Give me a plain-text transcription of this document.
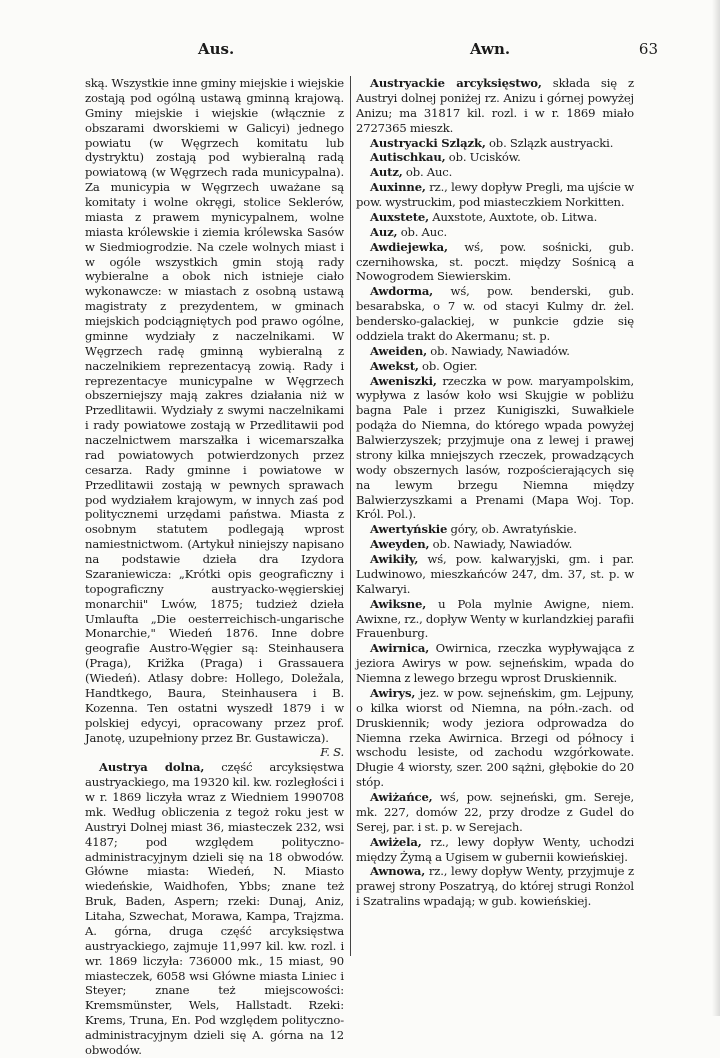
Aus.	Awn.	63

ską. Wszystkie inne gminy miejskie i wiejskie zostają pod ogólną ustawą gminną krajową. Gminy miejskie i wiejskie (włącznie z obszarami dworskiemi w Galicyi) jednego powiatu (w Węgrzech komitatu lub dystryktu) zostają pod wybieralną radą powiatową (w Węgrzech rada municypalna). Za municypia w Węgrzech uważane są komitaty i wolne okręgi, stolice Seklerów, miasta z prawem mynicypalnem, wolne miasta królewskie i ziemia królewska Sasów w Siedmiogrodzie. Na czele wolnych miast i w ogóle wszystkich gmin stoją rady wybieralne a obok nich istnieje ciało wykonawcze: w miastach z osobną ustawą magistraty z prezydentem, w gminach miejskich podciągniętych pod prawo ogólne, gminne wydziały z naczelnikami. W Węgrzech radę gminną wybieralną z naczelnikiem reprezentacyą zowią. Rady i reprezentacye municypalne w Węgrzech obszerniejszy mają zakres działania niż w Przedlitawii. Wydziały z swymi naczelnikami i rady powiatowe zostają w Przedlitawii pod naczelnictwem marszałka i wicemarszałka rad powiatowych potwierdzonych przez cesarza. Rady gminne i powiatowe w Przedlitawii zostają w pewnych sprawach pod wydziałem krajowym, w innych zaś pod politycznemi urzędami państwa. Miasta z osobnym statutem podlegają wprost namiestnictwom. (Artykuł niniejszy napisano na podstawie dzieła dra Izydora Szaraniewicza: „Krótki opis geograficzny i topograficzny austryacko-węgierskiej monarchii" Lwów, 1875; tudzież dzieła Umlaufta „Die oesterreichisch-ungarische Monarchie," Wiedeń 1876. Inne dobre geografie Austro-Węgier są: Steinhausera (Praga), Križka (Praga) i Grassauera (Wiedeń). Atlasy dobre: Hollego, Doležala, Handtkego, Baura, Steinhausera i B. Kozenna. Ten ostatni wyszedł 1879 i w polskiej edycyi, opracowany przez prof. Janotę, uzupełniony przez Br. Gustawicza).

F. S.

Austrya dolna, część arcyksięstwa austryackiego, ma 19320 kil. kw. rozległości i w r. 1869 liczyła wraz z Wiedniem 1990708 mk. Według obliczenia z tegoż roku jest w Austryi Dolnej miast 36, miasteczek 232, wsi 4187; pod względem polityczno-administracyjnym dzieli się na 18 obwodów. Główne miasta: Wiedeń, N. Miasto wiedeńskie, Waidhofen, Ybbs; znane też Bruk, Baden, Aspern; rzeki: Dunaj, Aniz, Litaha, Szwechat, Morawa, Kampa, Trajzma. A. górna, druga część arcyksięstwa austryackiego, zajmuje 11,997 kil. kw. rozl. i wr. 1869 liczyła: 736000 mk., 15 miast, 90 miasteczek, 6058 wsi Główne miasta Liniec i Steyer; znane też miejscowości: Kremsmünster, Wels, Hallstadt. Rzeki: Krems, Truna, En. Pod względem polityczno-administracyjnym dzieli się A. górna na 12 obwodów.

Austryackie arcyksięstwo, składa się z Austryi dolnej poniżej rz. Anizu i górnej powyżej Anizu; ma 31817 kil. rozl. i w r. 1869 miało 2727365 mieszk.

Austryacki Szlązk, ob. Szlązk austryacki.

Autischkau, ob. Ucisków.

Autz, ob. Auc.

Auxinne, rz., lewy dopływ Pregli, ma ujście w pow. wystruckim, pod miasteczkiem Norkitten.

Auxstete, Auxstote, Auxtote, ob. Litwa.

Auz, ob. Auc.

Awdiejewka, wś, pow. sośnicki, gub. czernihowska, st. poczt. między Sośnicą a Nowogrodem Siewierskim.

Awdorma, wś, pow. benderski, gub. besarabska, o 7 w. od stacyi Kulmy dr. żel. bendersko-galackiej, w punkcie gdzie się oddziela trakt do Akermanu; st. p.

Aweiden, ob. Nawiady, Nawiadów.

Awekst, ob. Ogier.

Aweniszki, rzeczka w pow. maryampolskim, wypływa z lasów koło wsi Skujgie w pobliżu bagna Pale i przez Kunigiszki, Suwałkiele podąża do Niemna, do którego wpada powyżej Balwierzyszek; przyjmuje ona z lewej i prawej strony kilka mniejszych rzeczek, prowadzących wody obszernych lasów, rozpościerających się na lewym brzegu Niemna między Balwierzyszkami a Prenami (Mapa Woj. Top. Król. Pol.).

Awertyńskie góry, ob. Awratyńskie.

Aweyden, ob. Nawiady, Nawiadów.

Awikiły, wś, pow. kalwaryjski, gm. i par. Ludwinowo, mieszkańców 247, dm. 37, st. p. w Kalwaryi.

Awiksne, u Pola mylnie Awigne, niem. Awixne, rz., dopływ Wenty w kurlandzkiej parafii Frauenburg.

Awirnica, Owirnica, rzeczka wypływająca z jeziora Awirys w pow. sejneńskim, wpada do Niemna z lewego brzegu wprost Druskiennik.

Awirys, jez. w pow. sejneńskim, gm. Lejpuny, o kilka wiorst od Niemna, na półn.-zach. od Druskiennik; wody jeziora odprowadza do Niemna rzeka Awirnica. Brzegi od północy i wschodu lesiste, od zachodu wzgórkowate. Długie 4 wiorsty, szer. 200 sążni, głębokie do 20 stóp.

Awiżańce, wś, pow. sejneński, gm. Sereje, mk. 227, domów 22, przy drodze z Gudel do Serej, par. i st. p. w Serejach.

Awiżela, rz., lewy dopływ Wenty, uchodzi między Żymą a Ugisem w gubernii kowieńskiej.

Awnowa, rz., lewy dopływ Wenty, przyjmuje z prawej strony Poszatryą, do której strugi Ronżol i Szatralins wpadają; w gub. kowieńskiej.
